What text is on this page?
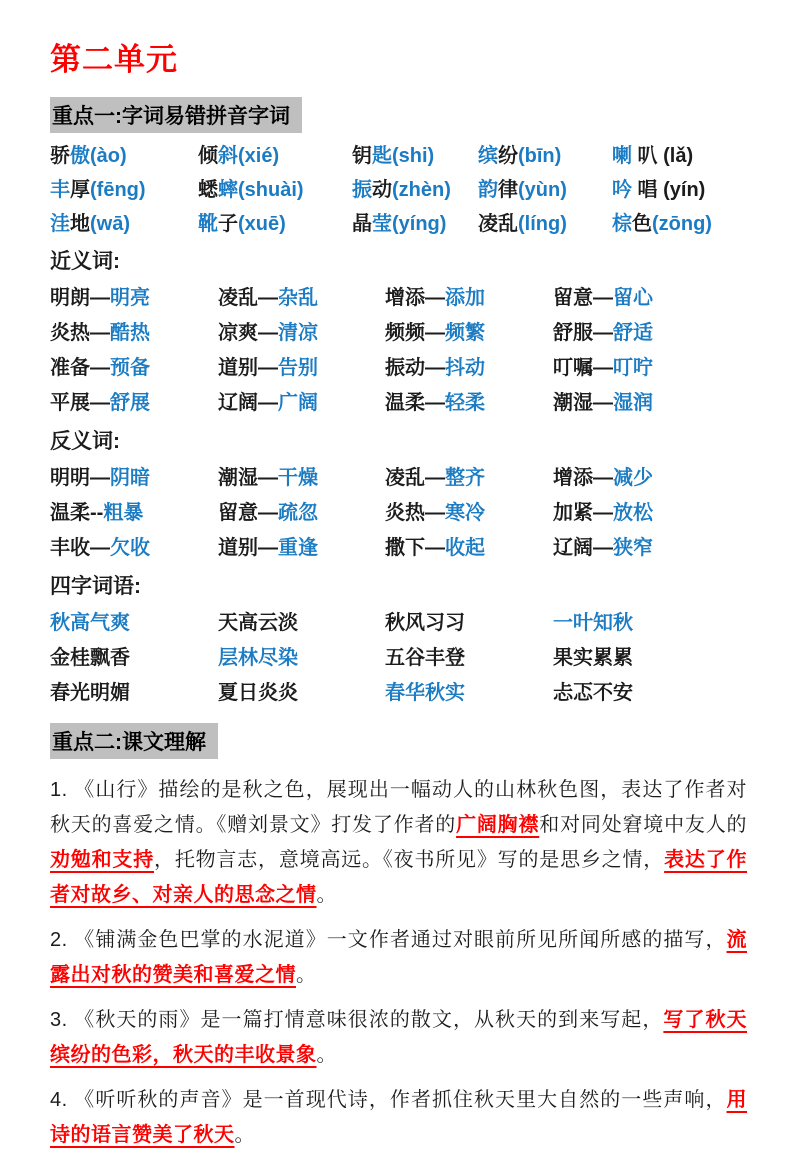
第二单元
重点一:字词易错拼音字词
骄傲(ào)	倾斜(xié)	钥匙(shi)	缤纷(bīn)	喇 叭 (lǎ)
丰厚(fēng)	蟋蟀(shuài)	振动(zhèn)	韵律(yùn)	吟 唱 (yín)
洼地(wā)	靴子(xuē)	晶莹(yíng)	凌乱(líng)	棕色(zōng)
近义词:
明朗—明亮	凌乱—杂乱	增添—添加	留意—留心
炎热—酷热	凉爽—清凉	频频—频繁	舒服—舒适
准备—预备	道别—告别	振动—抖动	叮嘱—叮咛
平展—舒展	辽阔—广阔	温柔—轻柔	潮湿—湿润
反义词:
明明—阴暗	潮湿—干燥	凌乱—整齐	增添—减少
温柔--粗暴	留意—疏忽	炎热—寒冷	加紧—放松
丰收—欠收	道别—重逢	撒下—收起	辽阔—狭窄
四字词语:
秋高气爽	天高云淡	秋风习习	一叶知秋
金桂飘香	层林尽染	五谷丰登	果实累累
春光明媚	夏日炎炎	春华秋实	忐忑不安
重点二:课文理解

1. 《山行》描绘的是秋之色，展现出一幅动人的山林秋色图，表达了作者对秋天的喜爱之情。《赠刘景文》打发了作者的广阔胸襟和对同处窘境中友人的劝勉和支持，托物言志，意境高远。《夜书所见》写的是思乡之情，表达了作者对故乡、对亲人的思念之情。

2. 《铺满金色巴掌的水泥道》一文作者通过对眼前所见所闻所感的描写，流露出对秋的赞美和喜爱之情。

3. 《秋天的雨》是一篇打情意味很浓的散文，从秋天的到来写起，写了秋天缤纷的色彩，秋天的丰收景象。

4. 《听听秋的声音》是一首现代诗，作者抓住秋天里大自然的一些声响，用诗的语言赞美了秋天。
